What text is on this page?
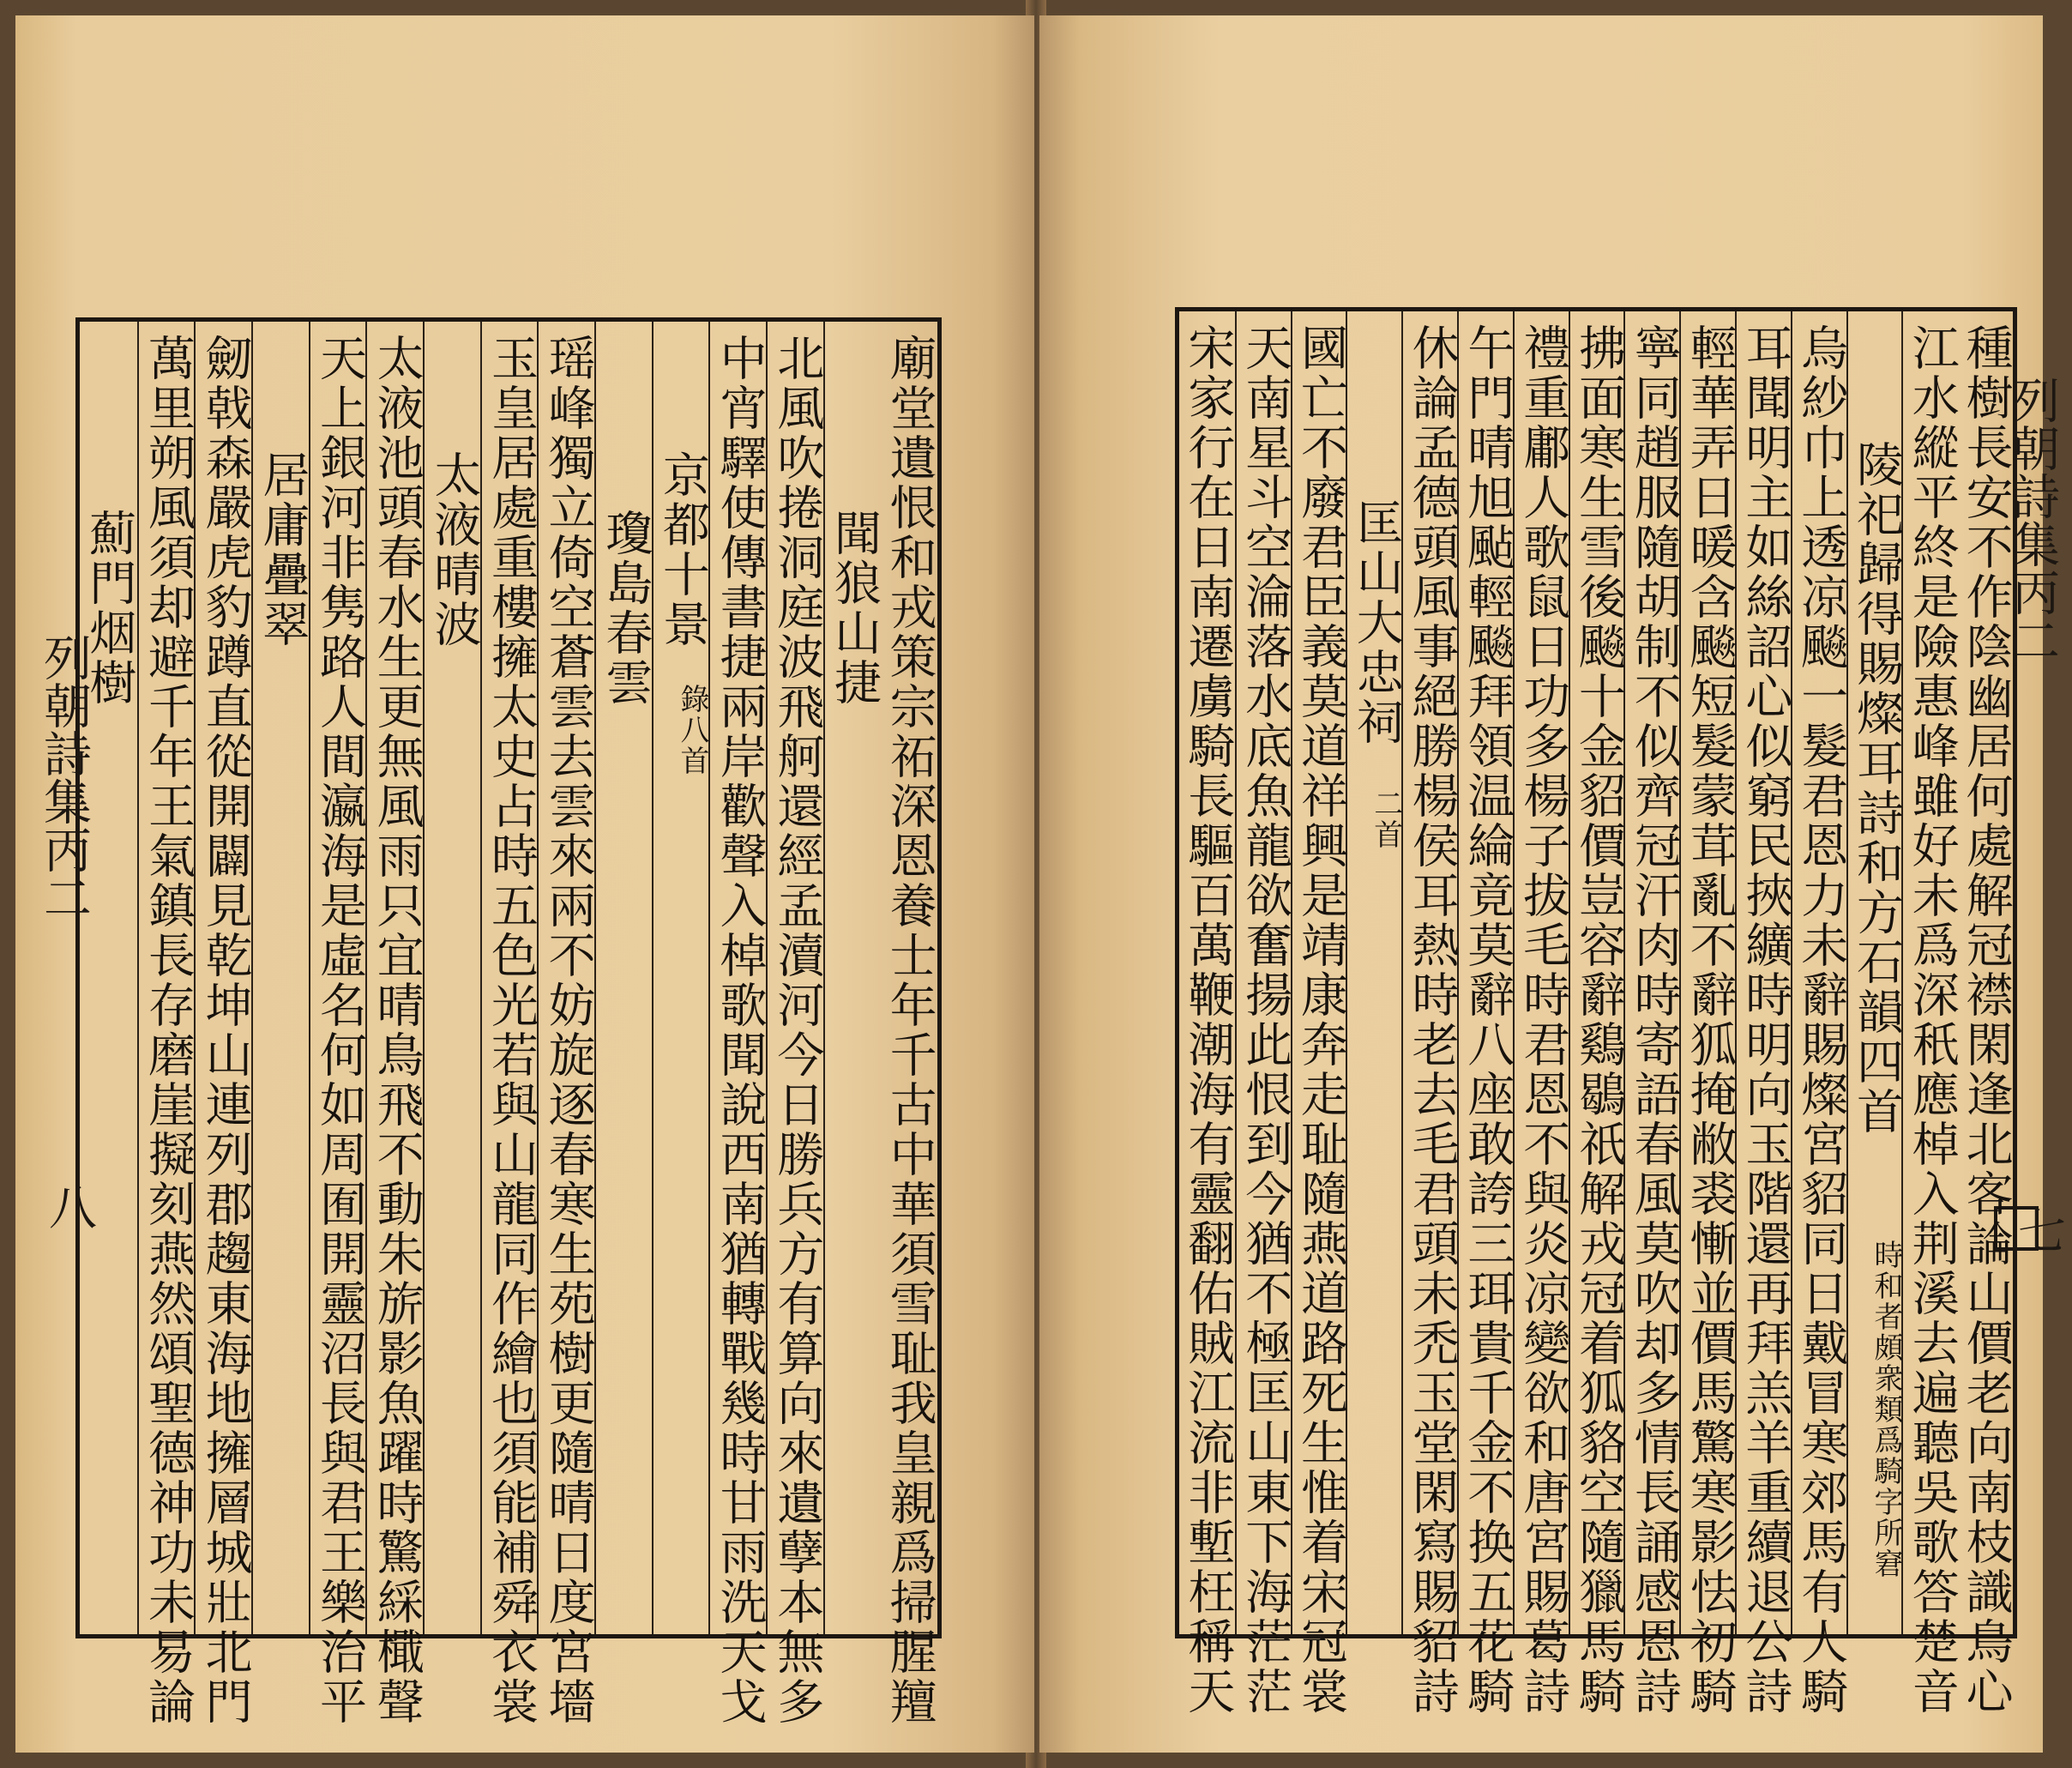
列朝詩集丙二
八	廟堂遺恨和戎策宗祏深恩養士年千古中華須雪耻我皇親爲掃腥羶
聞狼山捷
北風吹捲洞庭波飛舸還經孟瀆河今日勝兵方有算向來遺孽本無多
中宵驛使傳書捷兩岸歡聲入棹歌聞說西南猶轉戰幾時甘雨洗天戈
京都十景
錄八首
瓊島春雲
瑶峰獨立倚空蒼雲去雲來兩不妨旋逐春寒生苑樹更隨晴日度宮墻
玉皇居處重樓擁太史占時五色光若與山龍同作繪也須能補舜衣裳
太液晴波
太液池頭春水生更無風雨只宜晴鳥飛不動朱旂影魚躍時驚綵檝聲
天上銀河非隽路人間瀛海是虛名何如周囿開靈沼長與君王樂治平
居庸疊翠
劒戟森嚴虎豹蹲直從開闢見乾坤山連列郡趨東海地擁層城壯北門
萬里朔風須却避千年王氣鎮長存磨崖擬刻燕然頌聖德神功未易論
薊門烟樹	列朝詩集丙二
七
種樹長安不作陰幽居何處解冠襟閑逢北客論山價老向南枝識鳥心
江水縱平終是險惠峰雖好未爲深秖應棹入荆溪去遍聽吳歌答楚音
陵祀歸得賜燦耳詩和方石韻四首
時和者頗衆類爲騎字所窘
烏紗巾上透凉飈一髮君恩力未辭賜燦宮貂同日戴冒寒郊馬有人騎
耳聞明主如絲詔心似窮民挾纊時明向玉階還再拜羔羊重續退公詩
輕華弄日暖含飈短髮蒙茸亂不辭狐掩敝裘慚並價馬驚寒影怯初騎
寧同趙服隨胡制不似齊冠汗肉時寄語春風莫吹却多情長誦感恩詩
拂面寒生雪後飈十金貂價豈容辭鷄鶡祇解戎冠着狐貉空隨獵馬騎
禮重鄘人歌鼠日功多楊子拔毛時君恩不與炎凉變欲和唐宮賜葛詩
午門晴旭颭輕飈拜領温綸竟莫辭八座敢誇三珥貴千金不换五花騎
休論孟德頭風事絕勝楊侯耳熱時老去毛君頭未禿玉堂閑寫賜貂詩
匡山大忠祠
二首
國亡不廢君臣義莫道祥興是靖康奔走耻隨燕道路死生惟着宋冠裳
天南星斗空淪落水底魚龍欲奮揚此恨到今猶不極匡山東下海茫茫
宋家行在日南遷虜騎長驅百萬鞭潮海有靈翻佑賊江流非塹枉稱天
